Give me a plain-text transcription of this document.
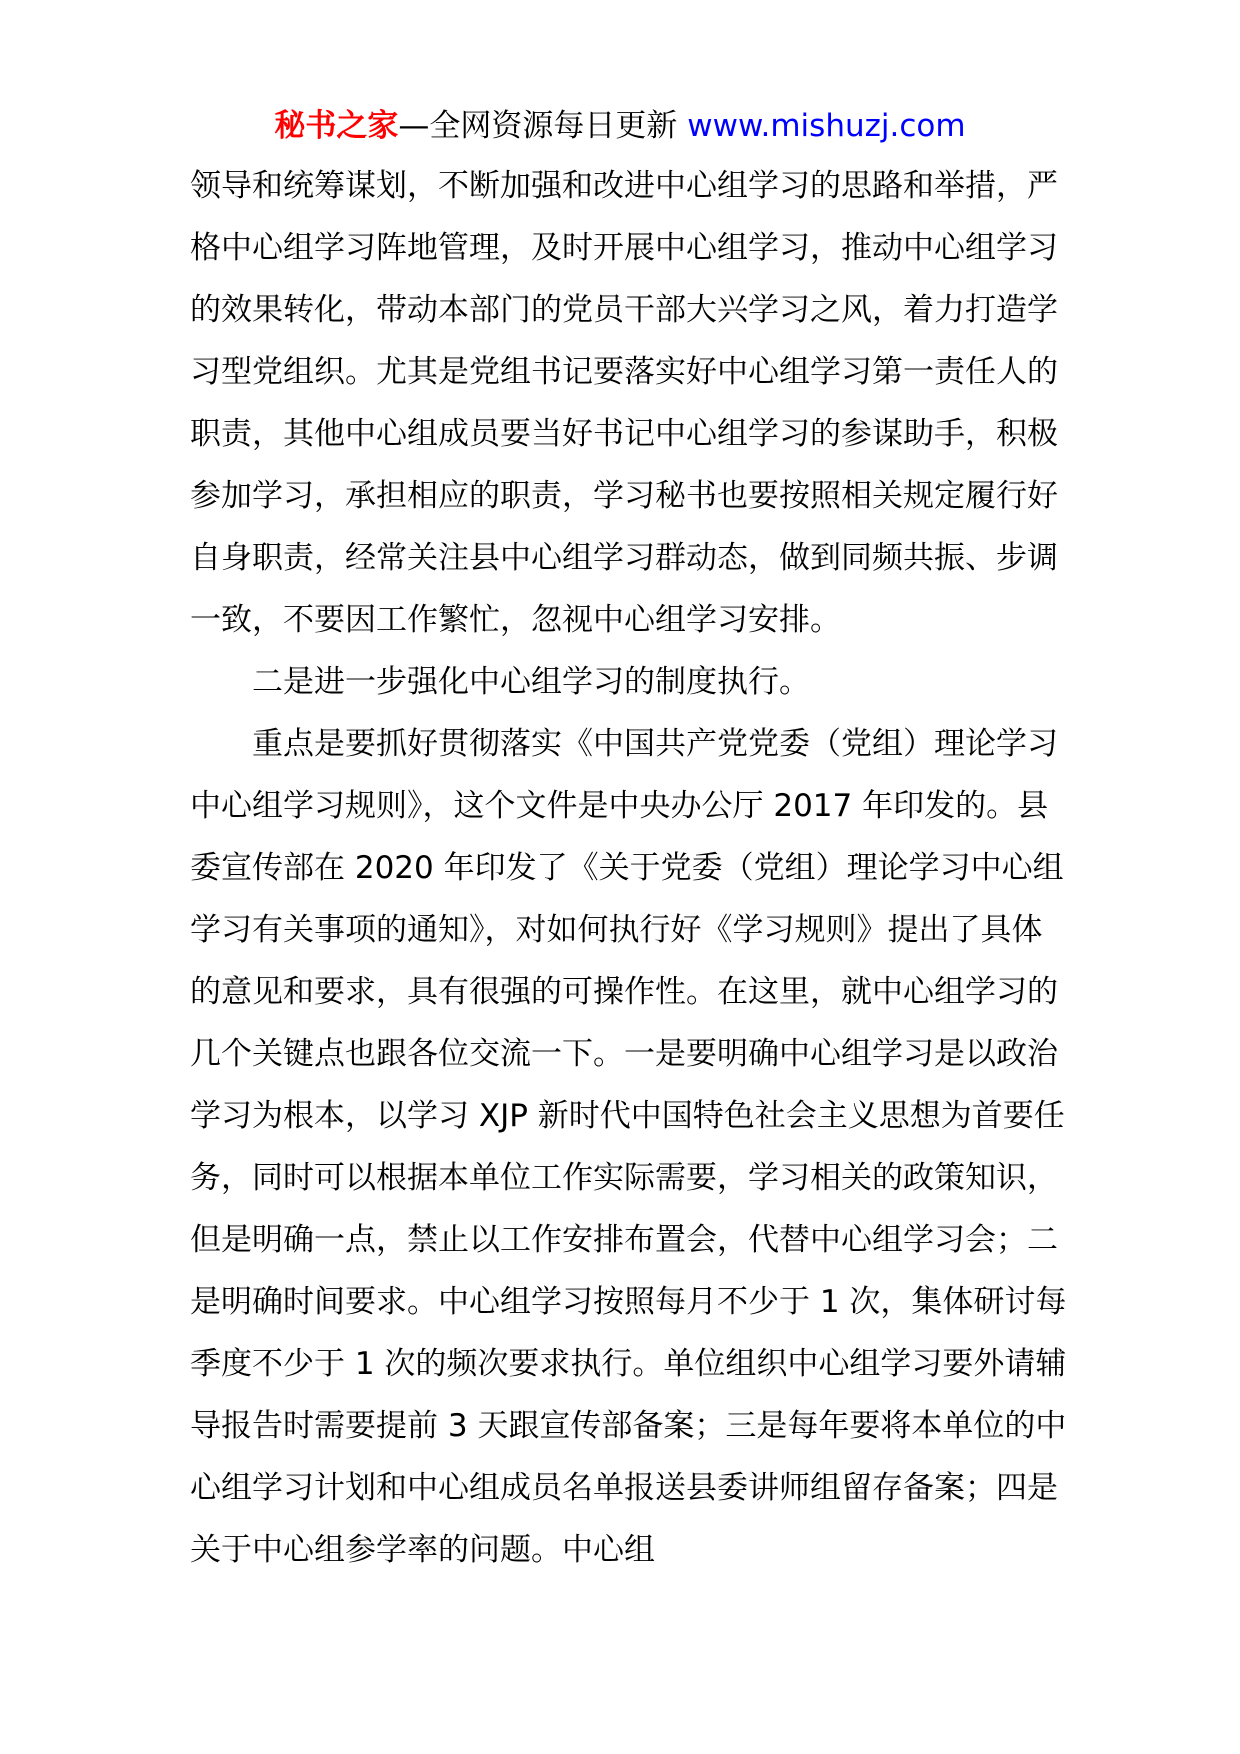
秘书之家—全网资源每日更新 www.mishuzj.com

领导和统筹谋划，不断加强和改进中心组学习的思路和举措，严格中心组学习阵地管理，及时开展中心组学习，推动中心组学习的效果转化，带动本部门的党员干部大兴学习之风，着力打造学习型党组织。尤其是党组书记要落实好中心组学习第一责任人的职责，其他中心组成员要当好书记中心组学习的参谋助手，积极参加学习，承担相应的职责，学习秘书也要按照相关规定履行好自身职责，经常关注县中心组学习群动态，做到同频共振、步调一致，不要因工作繁忙，忽视中心组学习安排。

二是进一步强化中心组学习的制度执行。

重点是要抓好贯彻落实《中国共产党党委（党组）理论学习中心组学习规则》，这个文件是中央办公厅 2017 年印发的。县委宣传部在 2020 年印发了《关于党委（党组）理论学习中心组学习有关事项的通知》，对如何执行好《学习规则》提出了具体的意见和要求，具有很强的可操作性。在这里，就中心组学习的几个关键点也跟各位交流一下。一是要明确中心组学习是以政治学习为根本，以学习 XJP 新时代中国特色社会主义思想为首要任务，同时可以根据本单位工作实际需要，学习相关的政策知识，但是明确一点，禁止以工作安排布置会，代替中心组学习会；二是明确时间要求。中心组学习按照每月不少于 1 次，集体研讨每季度不少于 1 次的频次要求执行。单位组织中心组学习要外请辅导报告时需要提前 3 天跟宣传部备案；三是每年要将本单位的中心组学习计划和中心组成员名单报送县委讲师组留存备案；四是关于中心组参学率的问题。中心组
